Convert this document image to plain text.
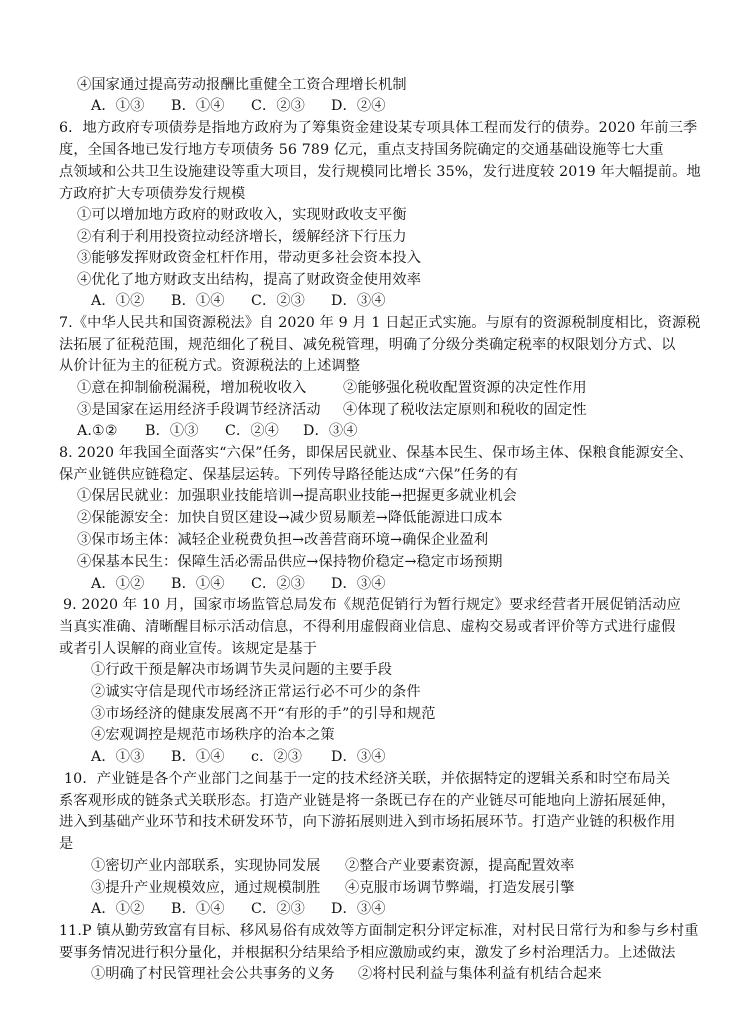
④国家通过提高劳动报酬比重健全工资合理增长机制
A．①③ B．①④ C．②③ D．②④
6．地方政府专项债券是指地方政府为了筹集资金建设某专项具体工程而发行的债券。2020 年前三季
度，全国各地已发行地方专项债务 56 789 亿元，重点支持国务院确定的交通基础设施等七大重
点领域和公共卫生设施建设等重大项目，发行规模同比增长 35%，发行进度较 2019 年大幅提前。地
方政府扩大专项债券发行规模
①可以增加地方政府的财政收入，实现财政收支平衡
②有利于利用投资拉动经济增长，缓解经济下行压力
③能够发挥财政资金杠杆作用，带动更多社会资本投入
④优化了地方财政支出结构，提高了财政资金使用效率
A．①② B．①④ C．②③ D．③④
7.《中华人民共和国资源税法》自 2020 年 9 月 1 日起正式实施。与原有的资源税制度相比，资源税
法拓展了征税范围，规范细化了税目、减免税管理，明确了分级分类确定税率的权限划分方式、以
从价计征为主的征税方式。资源税法的上述调整
①意在抑制偷税漏税，增加税收收入	②能够强化税收配置资源的决定性作用
③是国家在运用经济手段调节经济活动 ④体现了税收法定原则和税收的固定性
A.①② B．①③ C．②④ D．③④
8. 2020 年我国全面落实“六保”任务，即保居民就业、保基本民生、保市场主体、保粮食能源安全、
保产业链供应链稳定、保基层运转。下列传导路径能达成“六保”任务的有
①保居民就业：加强职业技能培训→提高职业技能→把握更多就业机会
②保能源安全：加快自贸区建设→减少贸易顺差→降低能源进口成本
③保市场主体：减轻企业税费负担→改善营商环境→确保企业盈利
④保基本民生：保障生活必需品供应→保持物价稳定→稳定市场预期
A．①② B．①④ C．②③ D．③④
9. 2020 年 10 月，国家市场监管总局发布《规范促销行为暂行规定》要求经营者开展促销活动应
当真实准确、清晰醒目标示活动信息，不得利用虚假商业信息、虚构交易或者评价等方式进行虚假
或者引人误解的商业宣传。该规定是基于
①行政干预是解决市场调节失灵问题的主要手段
②诚实守信是现代市场经济正常运行必不可少的条件
③市场经济的健康发展离不开“有形的手”的引导和规范
④宏观调控是规范市场秩序的治本之策
A．①③ B．①④ c．②③ D．③④
10．产业链是各个产业部门之间基于一定的技术经济关联，并依据特定的逻辑关系和时空布局关
系客观形成的链条式关联形态。打造产业链是将一条既已存在的产业链尽可能地向上游拓展延伸，
进入到基础产业环节和技术研发环节，向下游拓展则进入到市场拓展环节。打造产业链的积极作用
是
①密切产业内部联系，实现协同发展 ②整合产业要素资源，提高配置效率
③提升产业规模效应，通过规模制胜 ④克服市场调节弊端，打造发展引擎
A．①② B．①④ C．②③ D．③④
11.P 镇从勤劳致富有目标、移风易俗有成效等方面制定积分评定标准，对村民日常行为和参与乡村重
要事务情况进行积分量化，并根据积分结果给予相应激励或约束，激发了乡村治理活力。上述做法
①明确了村民管理社会公共事务的义务 ②将村民利益与集体利益有机结合起来
